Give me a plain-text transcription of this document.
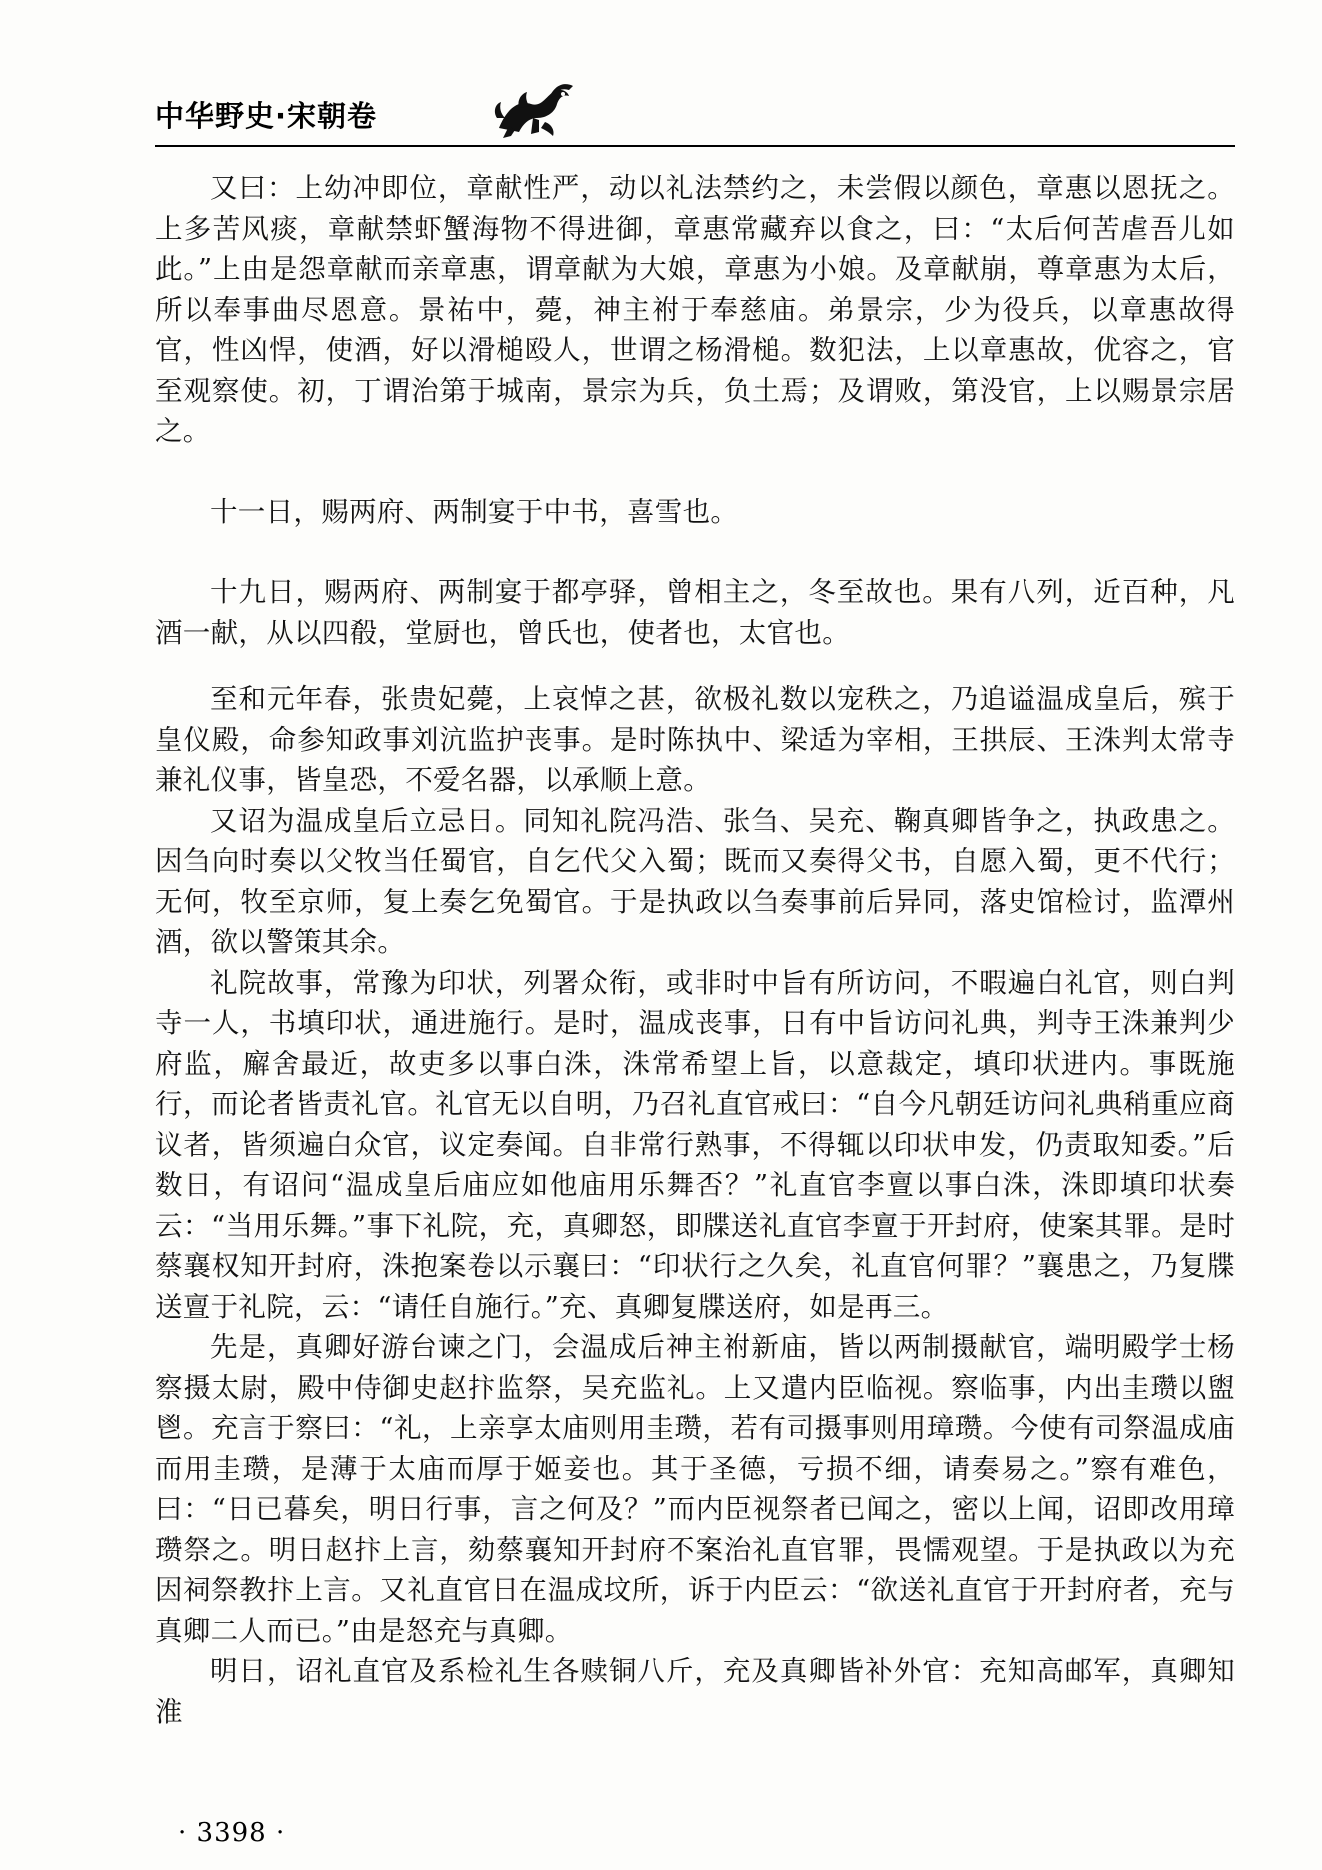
中华野史·宋朝卷

又曰：上幼冲即位，章献性严，动以礼法禁约之，未尝假以颜色，章惠以恩抚之。上多苦风痰，章献禁虾蟹海物不得进御，章惠常藏弃以食之，曰：“太后何苦虐吾儿如此。”上由是怨章献而亲章惠，谓章献为大娘，章惠为小娘。及章献崩，尊章惠为太后，所以奉事曲尽恩意。景祐中，薨，神主祔于奉慈庙。弟景宗，少为役兵，以章惠故得官，性凶悍，使酒，好以滑槌殴人，世谓之杨滑槌。数犯法，上以章惠故，优容之，官至观察使。初，丁谓治第于城南，景宗为兵，负土焉；及谓败，第没官，上以赐景宗居之。

十一日，赐两府、两制宴于中书，喜雪也。

十九日，赐两府、两制宴于都亭驿，曾相主之，冬至故也。果有八列，近百种，凡酒一献，从以四殽，堂厨也，曾氏也，使者也，太官也。

至和元年春，张贵妃薨，上哀悼之甚，欲极礼数以宠秩之，乃追谥温成皇后，殡于皇仪殿，命参知政事刘沆监护丧事。是时陈执中、梁适为宰相，王拱辰、王洙判太常寺兼礼仪事，皆皇恐，不爱名器，以承顺上意。

又诏为温成皇后立忌日。同知礼院冯浩、张刍、吴充、鞠真卿皆争之，执政患之。因刍向时奏以父牧当任蜀官，自乞代父入蜀；既而又奏得父书，自愿入蜀，更不代行；无何，牧至京师，复上奏乞免蜀官。于是执政以刍奏事前后异同，落史馆检讨，监潭州酒，欲以警策其余。

礼院故事，常豫为印状，列署众衔，或非时中旨有所访问，不暇遍白礼官，则白判寺一人，书填印状，通进施行。是时，温成丧事，日有中旨访问礼典，判寺王洙兼判少府监，廨舍最近，故吏多以事白洙，洙常希望上旨，以意裁定，填印状进内。事既施行，而论者皆责礼官。礼官无以自明，乃召礼直官戒曰：“自今凡朝廷访问礼典稍重应商议者，皆须遍白众官，议定奏闻。自非常行熟事，不得辄以印状申发，仍责取知委。”后数日，有诏问“温成皇后庙应如他庙用乐舞否？”礼直官李亶以事白洙，洙即填印状奏云：“当用乐舞。”事下礼院，充，真卿怒，即牒送礼直官李亶于开封府，使案其罪。是时蔡襄权知开封府，洙抱案卷以示襄曰：“印状行之久矣，礼直官何罪？”襄患之，乃复牒送亶于礼院，云：“请任自施行。”充、真卿复牒送府，如是再三。

先是，真卿好游台谏之门，会温成后神主祔新庙，皆以两制摄献官，端明殿学士杨察摄太尉，殿中侍御史赵抃监祭，吴充监礼。上又遣内臣临视。察临事，内出圭瓒以盥鬯。充言于察曰：“礼，上亲享太庙则用圭瓒，若有司摄事则用璋瓒。今使有司祭温成庙而用圭瓒，是薄于太庙而厚于姬妾也。其于圣德，亏损不细，请奏易之。”察有难色，曰：“日已暮矣，明日行事，言之何及？”而内臣视祭者已闻之，密以上闻，诏即改用璋瓒祭之。明日赵抃上言，劾蔡襄知开封府不案治礼直官罪，畏懦观望。于是执政以为充因祠祭教抃上言。又礼直官日在温成坟所，诉于内臣云：“欲送礼直官于开封府者，充与真卿二人而已。”由是怒充与真卿。

明日，诏礼直官及系检礼生各赎铜八斤，充及真卿皆补外官：充知高邮军，真卿知淮

· 3398 ·
